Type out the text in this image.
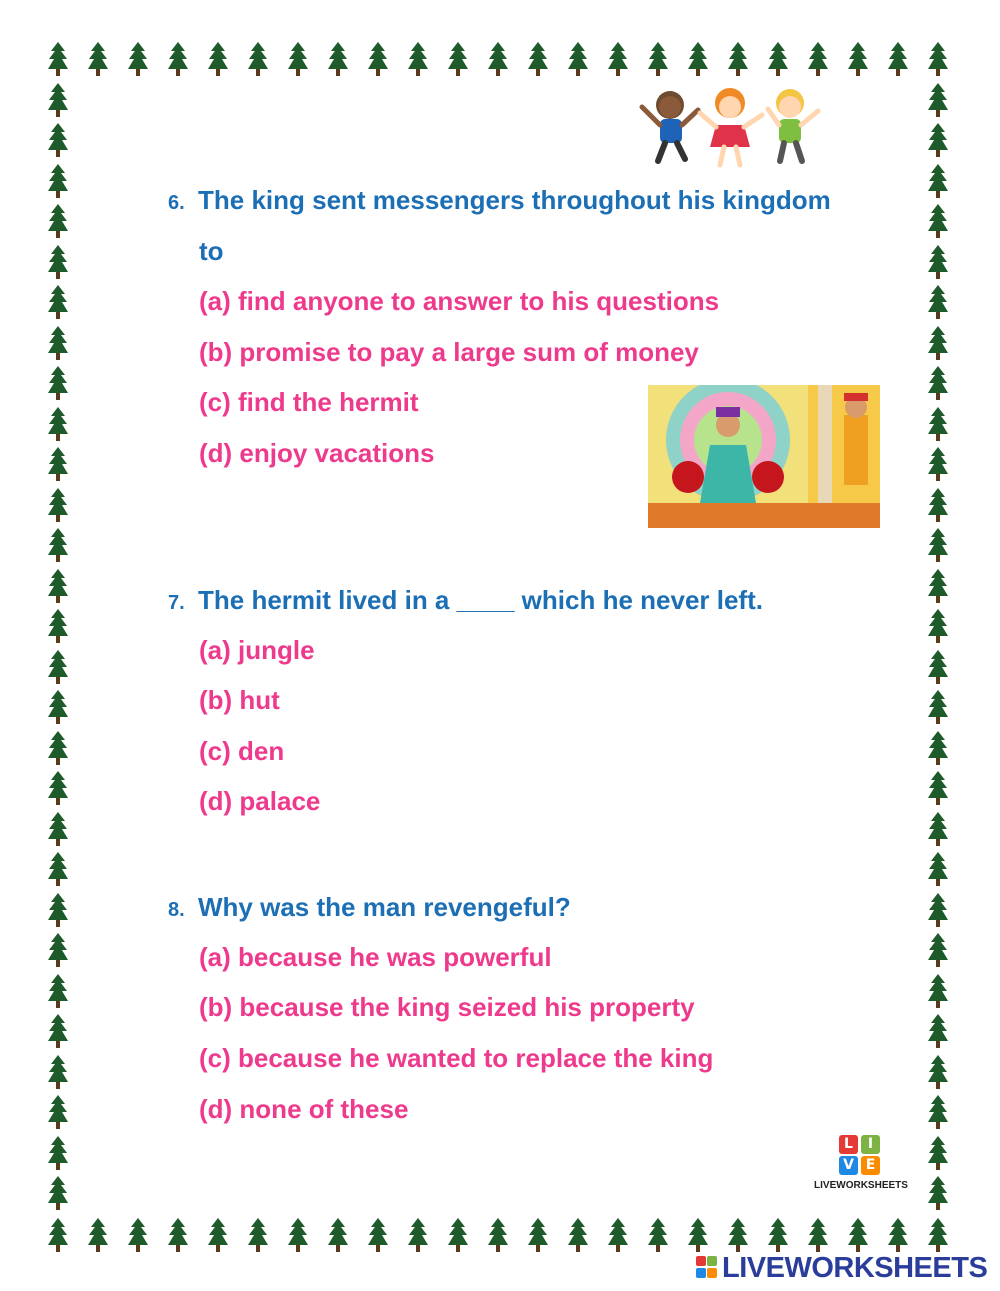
6. The king sent messengers throughout his kingdom
to
(a) find anyone to answer to his questions
(b) promise to pay a large sum of money
(c) find the hermit
(d) enjoy vacations
7. The hermit lived in a ____ which he never left.
(a) jungle
(b) hut
(c) den
(d) palace
8. Why was the man revengeful?
(a) because he was powerful
(b) because the king seized his property
(c) because he wanted to replace the king
(d) none of these
L	I
V E
LIVEWORKSHEETS
LIVEWORKSHEETS
